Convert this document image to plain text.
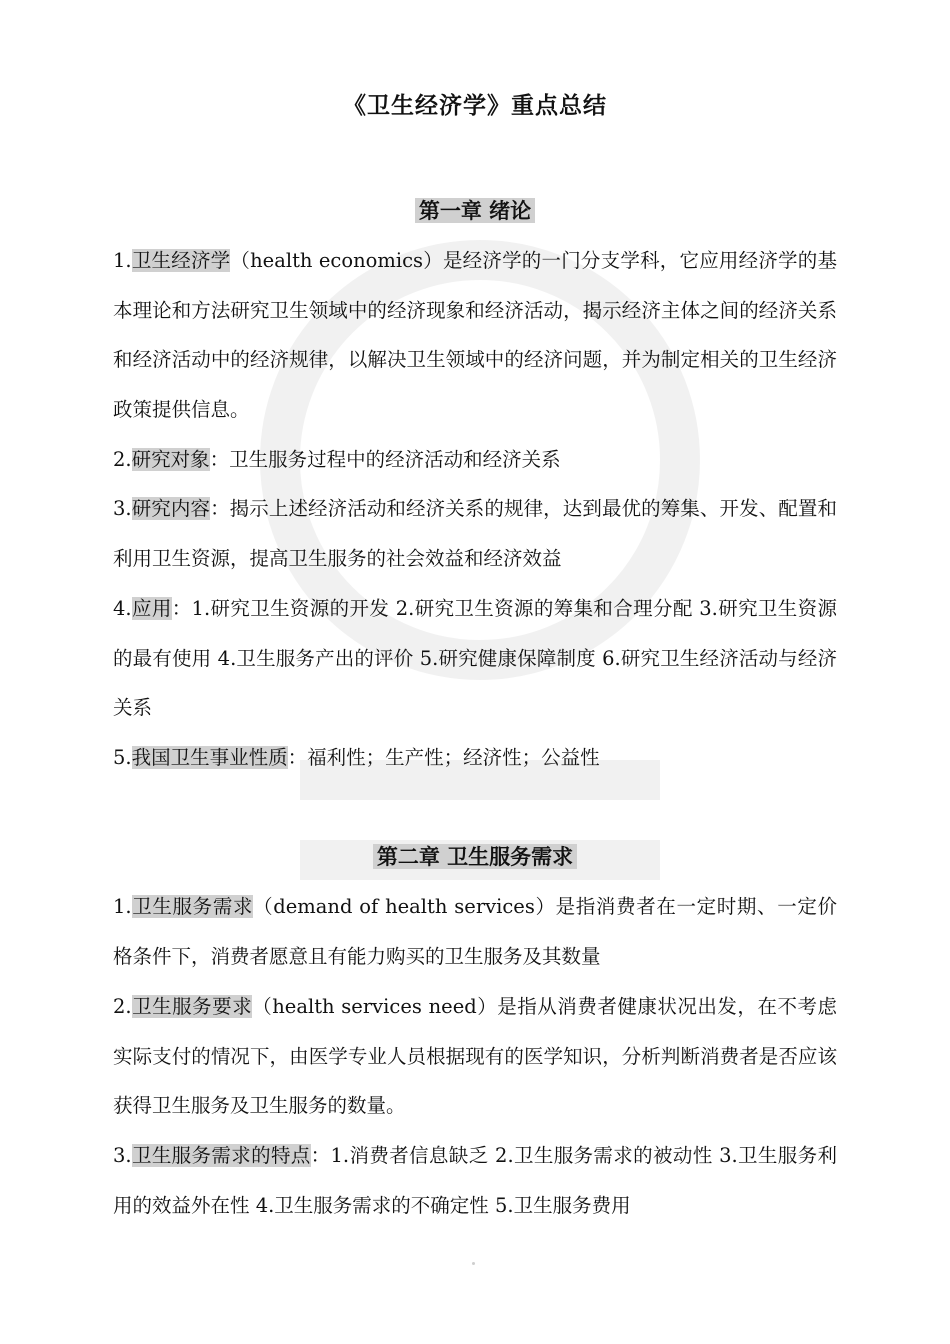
《卫生经济学》重点总结
第一章 绪论

1.卫生经济学（health economics）是经济学的一门分支学科，它应用经济学的基本理论和方法研究卫生领域中的经济现象和经济活动，揭示经济主体之间的经济关系和经济活动中的经济规律，以解决卫生领域中的经济问题，并为制定相关的卫生经济政策提供信息。

2.研究对象：卫生服务过程中的经济活动和经济关系

3.研究内容：揭示上述经济活动和经济关系的规律，达到最优的筹集、开发、配置和利用卫生资源，提高卫生服务的社会效益和经济效益

4.应用：1.研究卫生资源的开发 2.研究卫生资源的筹集和合理分配 3.研究卫生资源的最有使用 4.卫生服务产出的评价 5.研究健康保障制度 6.研究卫生经济活动与经济关系

5.我国卫生事业性质：福利性；生产性；经济性；公益性

第二章 卫生服务需求

1.卫生服务需求（demand of health services）是指消费者在一定时期、一定价格条件下，消费者愿意且有能力购买的卫生服务及其数量

2.卫生服务要求（health services need）是指从消费者健康状况出发，在不考虑实际支付的情况下，由医学专业人员根据现有的医学知识，分析判断消费者是否应该获得卫生服务及卫生服务的数量。

3.卫生服务需求的特点：1.消费者信息缺乏 2.卫生服务需求的被动性 3.卫生服务利用的效益外在性 4.卫生服务需求的不确定性 5.卫生服务费用
